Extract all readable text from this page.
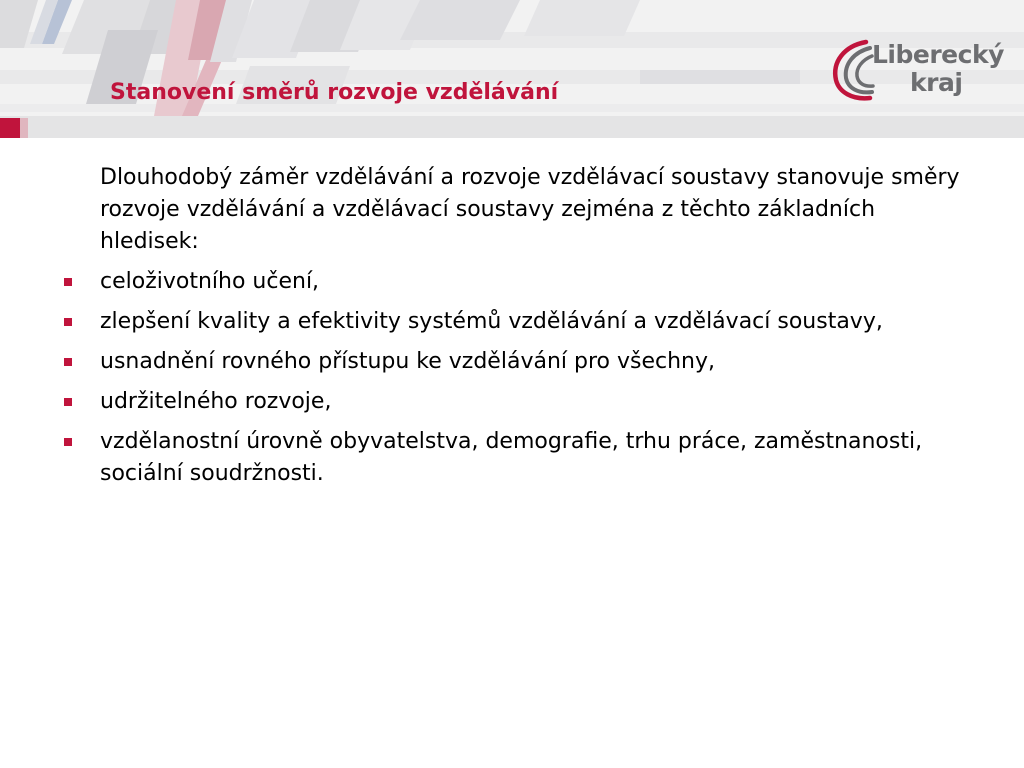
Stanovení směrů rozvoje vzdělávání
Liberecký
kraj

Dlouhodobý záměr vzdělávání a rozvoje vzdělávací soustavy stanovuje směry rozvoje vzdělávání a vzdělávací soustavy zejména z těchto základních hledisek:

celoživotního učení,
zlepšení kvality a efektivity systémů vzdělávání a vzdělávací soustavy,
usnadnění rovného přístupu ke vzdělávání pro všechny,
udržitelného rozvoje,
vzdělanostní úrovně obyvatelstva, demografie, trhu práce, zaměstnanosti, sociální soudržnosti.
